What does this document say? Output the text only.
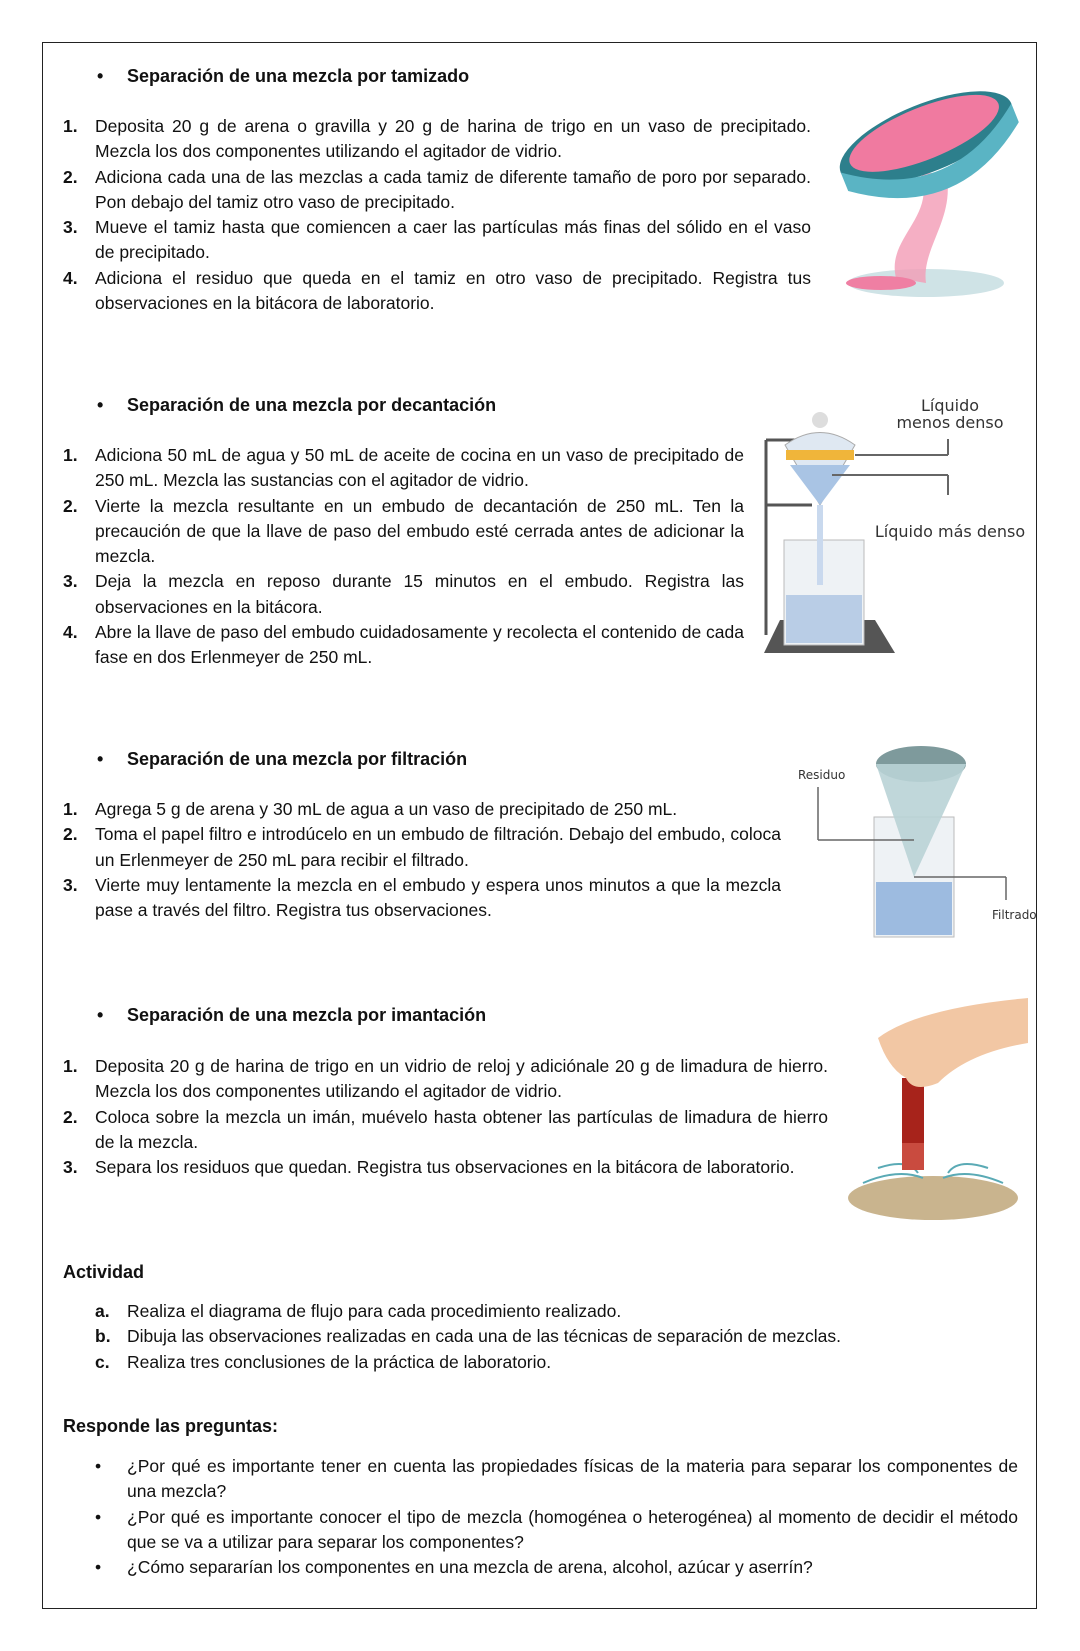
• Separación de una mezcla por tamizado
1. Deposita 20 g de arena o gravilla y 20 g de harina de trigo en un vaso de precipitado. Mezcla los dos componentes utilizando el agitador de vidrio.
2. Adiciona cada una de las mezclas a cada tamiz de diferente tamaño de poro por separado. Pon debajo del tamiz otro vaso de precipitado.
3. Mueve el tamiz hasta que comiencen a caer las partículas más finas del sólido en el vaso de precipitado.
4. Adiciona el residuo que queda en el tamiz en otro vaso de precipitado. Registra tus observaciones en la bitácora de laboratorio.
• Separación de una mezcla por decantación
1. Adiciona 50 mL de agua y 50 mL de aceite de cocina en un vaso de precipitado de 250 mL. Mezcla las sustancias con el agitador de vidrio.
2. Vierte la mezcla resultante en un embudo de decantación de 250 mL. Ten la precaución de que la llave de paso del embudo esté cerrada antes de adicionar la mezcla.
3. Deja la mezcla en reposo durante 15 minutos en el embudo. Registra las observaciones en la bitácora.
4. Abre la llave de paso del embudo cuidadosamente y recolecta el contenido de cada fase en dos Erlenmeyer de 250 mL.
Líquido
menos denso
Líquido más denso
• Separación de una mezcla por filtración
1. Agrega 5 g de arena y 30 mL de agua a un vaso de precipitado de 250 mL.
2. Toma el papel filtro e introdúcelo en un embudo de filtración. Debajo del embudo, coloca un Erlenmeyer de 250 mL para recibir el filtrado.
3. Vierte muy lentamente la mezcla en el embudo y espera unos minutos a que la mezcla pase a través del filtro. Registra tus observaciones.
Residuo
Filtrado
• Separación de una mezcla por imantación
1. Deposita 20 g de harina de trigo en un vidrio de reloj y adiciónale 20 g de limadura de hierro. Mezcla los dos componentes utilizando el agitador de vidrio.
2. Coloca sobre la mezcla un imán, muévelo hasta obtener las partículas de limadura de hierro de la mezcla.
3. Separa los residuos que quedan. Registra tus observaciones en la bitácora de laboratorio.
Actividad
a. Realiza el diagrama de flujo para cada procedimiento realizado.
b. Dibuja las observaciones realizadas en cada una de las técnicas de separación de mezclas.
c. Realiza tres conclusiones de la práctica de laboratorio.
Responde las preguntas:
• ¿Por qué es importante tener en cuenta las propiedades físicas de la materia para separar los componentes de una mezcla?
• ¿Por qué es importante conocer el tipo de mezcla (homogénea o heterogénea) al momento de decidir el método que se va a utilizar para separar los componentes?
• ¿Cómo separarían los componentes en una mezcla de arena, alcohol, azúcar y aserrín?
